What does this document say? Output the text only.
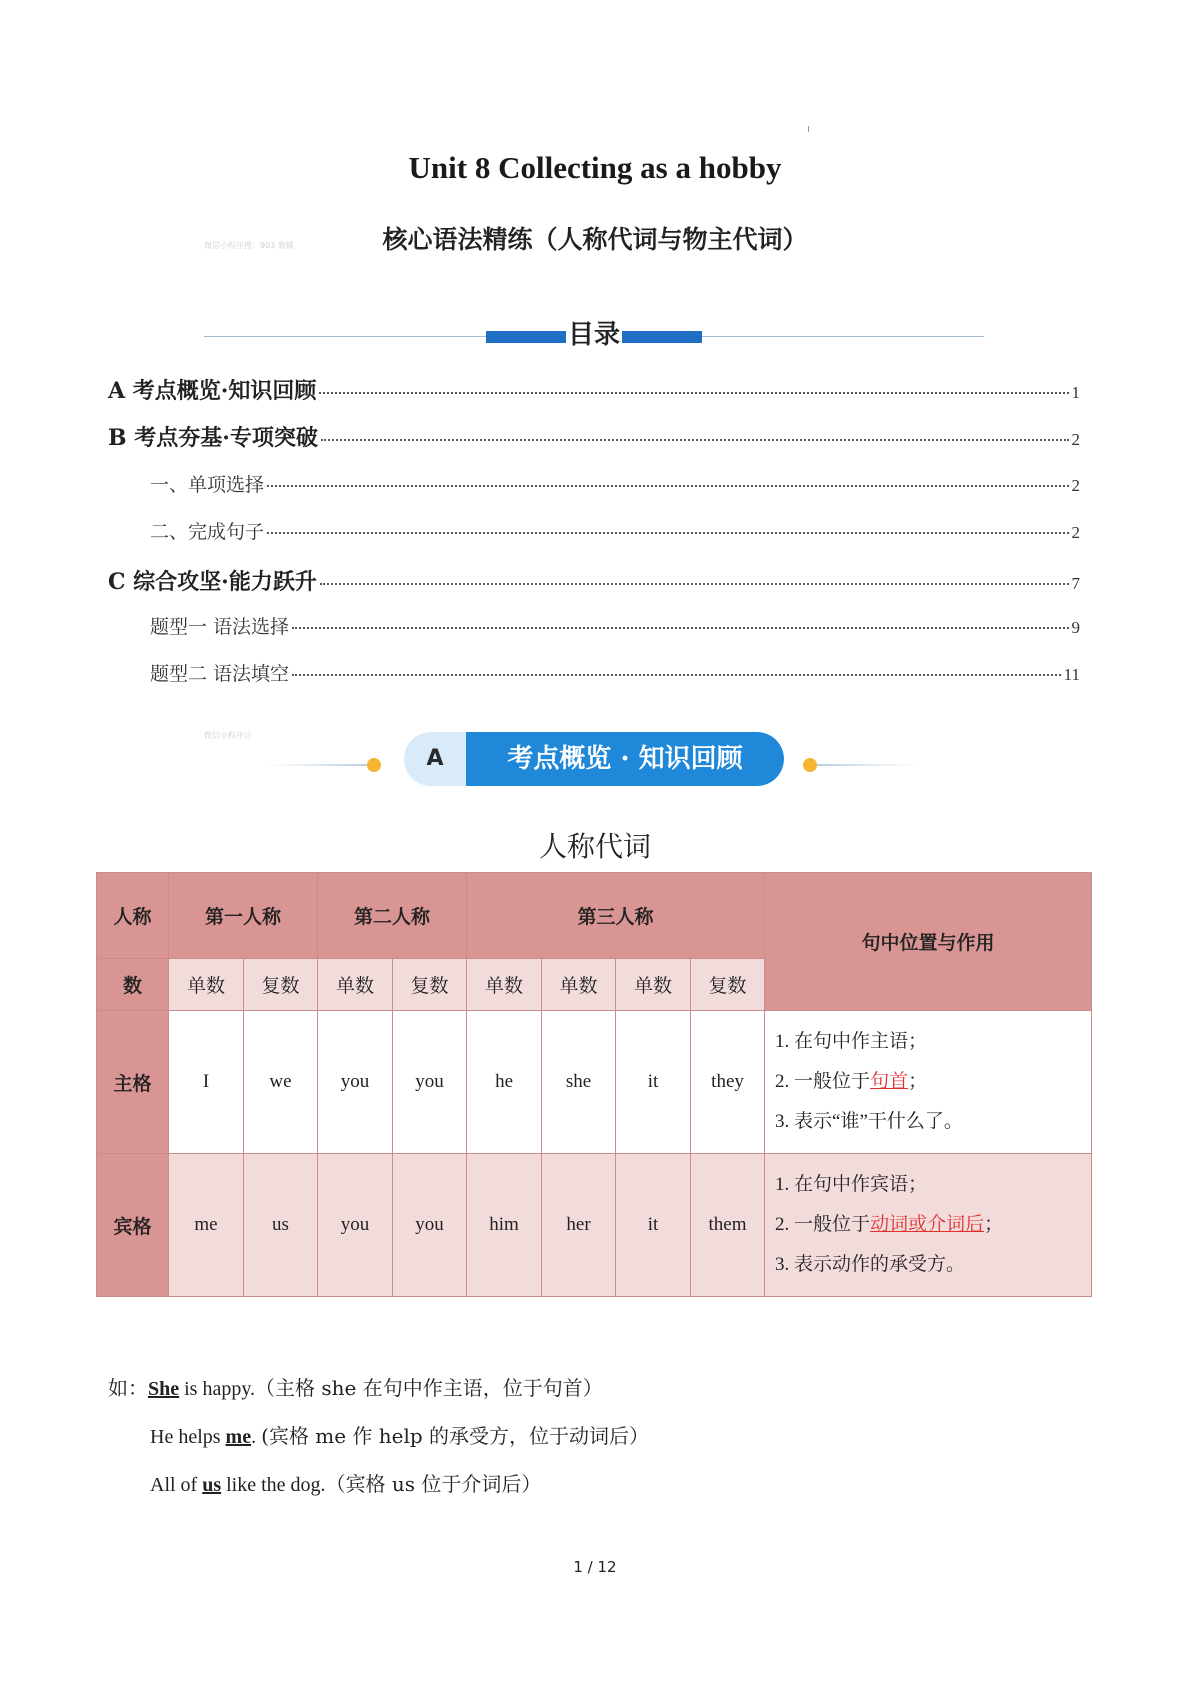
微信小程序搜：903 教辅
微信小程序计
Unit 8 Collecting as a hobby
核心语法精练（人称代词与物主代词）
目录
A 考点概览·知识回顾	1
B 考点夯基·专项突破	2
一、单项选择	2
二、完成句子	2
C 综合攻坚·能力跃升	7
题型一 语法选择	9
题型二 语法填空	11
A	考点概览 · 知识回顾
人称代词
人称	第一人称		第二人称		第三人称				句中位置与作用
数	单数	复数	单数	复数	单数	单数	单数	复数	
主格	I	we	you	you	he	she	it	they	1. 在句中作主语；
2. 一般位于句首；
3. 表示“谁”干什么了。

宾格	me	us	you	you	him	her	it	them	1. 在句中作宾语；
2. 一般位于动词或介词后；
3. 表示动作的承受方。
如：She is happy.（主格 she 在句中作主语，位于句首）
He helps me. (宾格 me 作 help 的承受方，位于动词后）
All of us like the dog.（宾格 us 位于介词后）
1 / 12
